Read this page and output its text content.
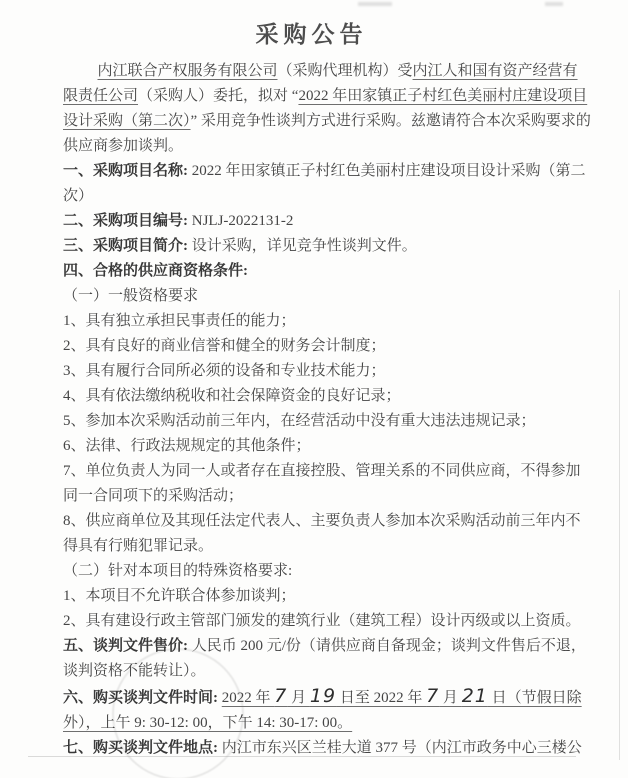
采购公告

内江联合产权服务有限公司（采购代理机构）受内江人和国有资产经营有限责任公司（采购人）委托，拟对 “2022 年田家镇正子村红色美丽村庄建设项目设计采购（第二次）” 采用竞争性谈判方式进行采购。兹邀请符合本次采购要求的供应商参加谈判。

一、采购项目名称: 2022 年田家镇正子村红色美丽村庄建设项目设计采购（第二次）

二、采购项目编号: NJLJ-2022131-2

三、采购项目简介: 设计采购，详见竞争性谈判文件。

四、合格的供应商资格条件:

（一）一般资格要求

1、具有独立承担民事责任的能力；

2、具有良好的商业信誉和健全的财务会计制度；

3、具有履行合同所必须的设备和专业技术能力；

4、具有依法缴纳税收和社会保障资金的良好记录；

5、参加本次采购活动前三年内，在经营活动中没有重大违法违规记录；

6、法律、行政法规规定的其他条件；

7、单位负责人为同一人或者存在直接控股、管理关系的不同供应商，不得参加同一合同项下的采购活动；

8、供应商单位及其现任法定代表人、主要负责人参加本次采购活动前三年内不得具有行贿犯罪记录。

（二）针对本项目的特殊资格要求:

1、本项目不允许联合体参加谈判；

2、具有建设行政主管部门颁发的建筑行业（建筑工程）设计丙级或以上资质。

五、谈判文件售价: 人民币 200 元/份（请供应商自备现金；谈判文件售后不退，谈判资格不能转让）。

六、购买谈判文件时间: 2022 年 7 月 19 日至 2022 年 7 月 21 日（节假日除外），上午 9: 30-12: 00，下午 14: 30-17: 00。

七、购买谈判文件地点: 内江市东兴区兰桂大道 377 号（内江市政务中心三楼公
